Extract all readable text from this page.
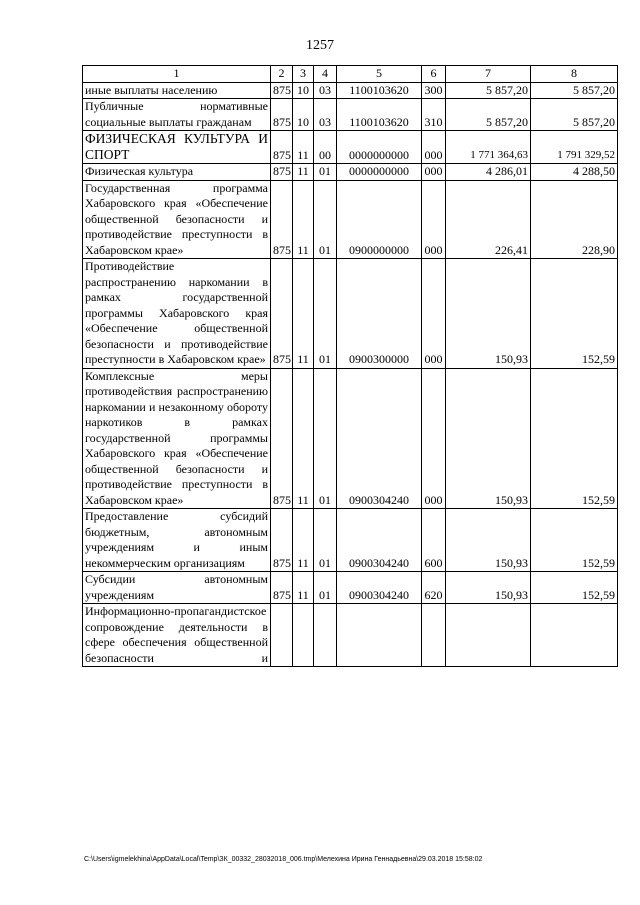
1257
1	2	3	4	5	6	7	8
иные выплаты населению	875	10	03	1100103620	300	5 857,20	5 857,20
Публичные нормативные социальные выплаты гражданам	875	10	03	1100103620	310	5 857,20	5 857,20
ФИЗИЧЕСКАЯ КУЛЬТУРА И СПОРТ	875	11	00	0000000000	000	1 771 364,63	1 791 329,52
Физическая культура	875	11	01	0000000000	000	4 286,01	4 288,50
Государственная программа Хабаровского края «Обеспечение общественной безопасности и противодействие преступности в Хабаровском крае»	875	11	01	0900000000	000	226,41	228,90
Противодействие распространению наркомании в рамках государственной программы Хабаровского края «Обеспечение общественной безопасности и противодействие преступности в Хабаровском крае»	875	11	01	0900300000	000	150,93	152,59
Комплексные меры противодействия распространению наркомании и незаконному обороту наркотиков в рамках государственной программы Хабаровского края «Обеспечение общественной безопасности и противодействие преступности в Хабаровском крае»	875	11	01	0900304240	000	150,93	152,59
Предоставление субсидий бюджетным, автономным учреждениям и иным некоммерческим организациям	875	11	01	0900304240	600	150,93	152,59
Субсидии автономным учреждениям	875	11	01	0900304240	620	150,93	152,59
Информационно-пропагандистское сопровождение деятельности в сфере обеспечения общественной безопасности и							
C:\Users\igmelekhina\AppData\Local\Temp\ЗК_00332_28032018_006.tmp\Мелехина Ирина Геннадьевна\29.03.2018 15:58:02
